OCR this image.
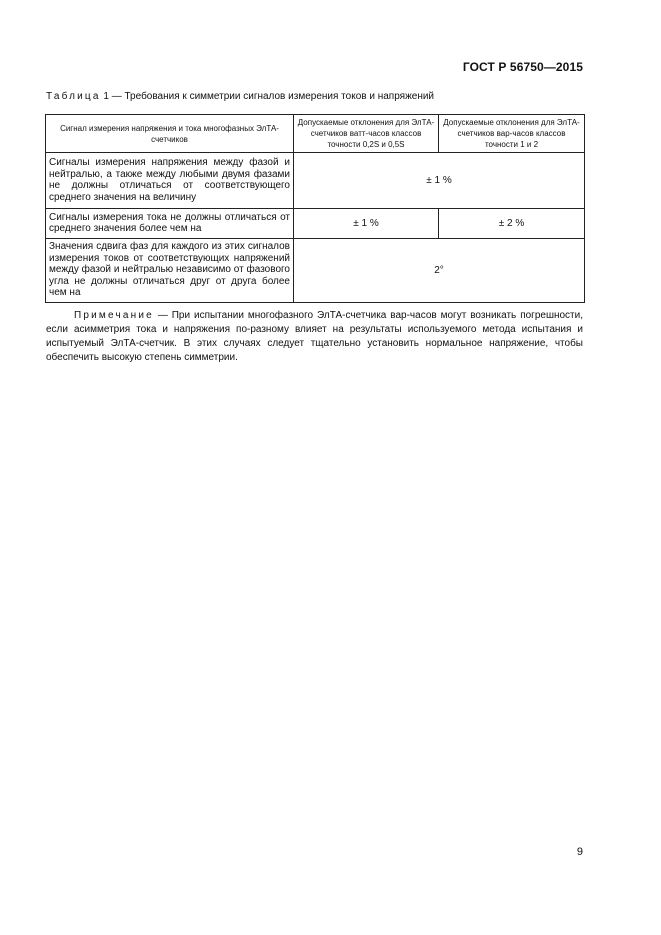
ГОСТ Р 56750—2015
Таблица 1 — Требования к симметрии сигналов измерения токов и напряжений
Сигнал измерения напряжения и тока многофазных ЭлТА-счетчиков	Допускаемые отклонения для ЭлТА-счетчиков ватт-часов классов точности 0,2S и 0,5S	Допускаемые отклонения для ЭлТА-счетчиков вар-часов классов точности 1 и 2
Сигналы измерения напряжения между фазой и нейтралью, а также между любыми двумя фазами не должны отличаться от соответствующего среднего значения на величину	± 1 %	
Сигналы измерения тока не должны отличаться от среднего значения более чем на	± 1 %	± 2 %
Значения сдвига фаз для каждого из этих сигналов измерения токов от соответствующих напряжений между фазой и нейтралью независимо от фазового угла не должны отличаться друг от друга более чем на	2°	
Примечание — При испытании многофазного ЭлТА-счетчика вар-часов могут возникать погрешности, если асимметрия тока и напряжения по-разному влияет на результаты используемого метода испытания и испытуемый ЭлТА-счетчик. В этих случаях следует тщательно установить нормальное напряжение, чтобы обеспечить высокую степень симметрии.
9
